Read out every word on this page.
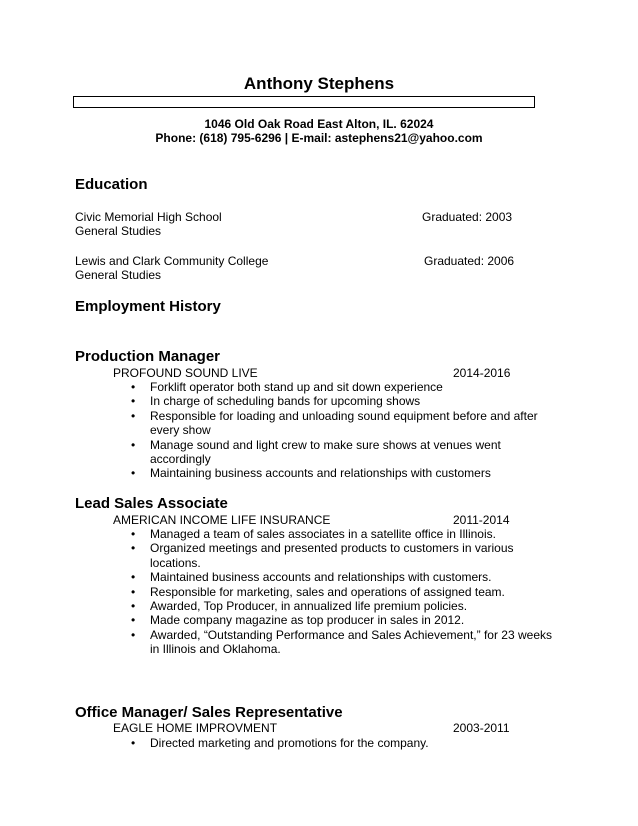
Anthony Stephens
1046 Old Oak Road East Alton, IL. 62024
Phone: (618) 795-6296 | E-mail: astephens21@yahoo.com
Education
Civic Memorial High School	Graduated: 2003
General Studies
Lewis and Clark Community College	Graduated: 2006
General Studies
Employment History
Production Manager
PROFOUND SOUND LIVE	2014-2016
• Forklift operator both stand up and sit down experience
• In charge of scheduling bands for upcoming shows
• Responsible for loading and unloading sound equipment before and after every show
• Manage sound and light crew to make sure shows at venues went accordingly
• Maintaining business accounts and relationships with customers
Lead Sales Associate
AMERICAN INCOME LIFE INSURANCE	2011-2014
• Managed a team of sales associates in a satellite office in Illinois.
• Organized meetings and presented products to customers in various locations.
• Maintained business accounts and relationships with customers.
• Responsible for marketing, sales and operations of assigned team.
• Awarded, Top Producer, in annualized life premium policies.
• Made company magazine as top producer in sales in 2012.
• Awarded, “Outstanding Performance and Sales Achievement,” for 23 weeks in Illinois and Oklahoma.
Office Manager/ Sales Representative
EAGLE HOME IMPROVMENT	2003-2011
• Directed marketing and promotions for the company.
